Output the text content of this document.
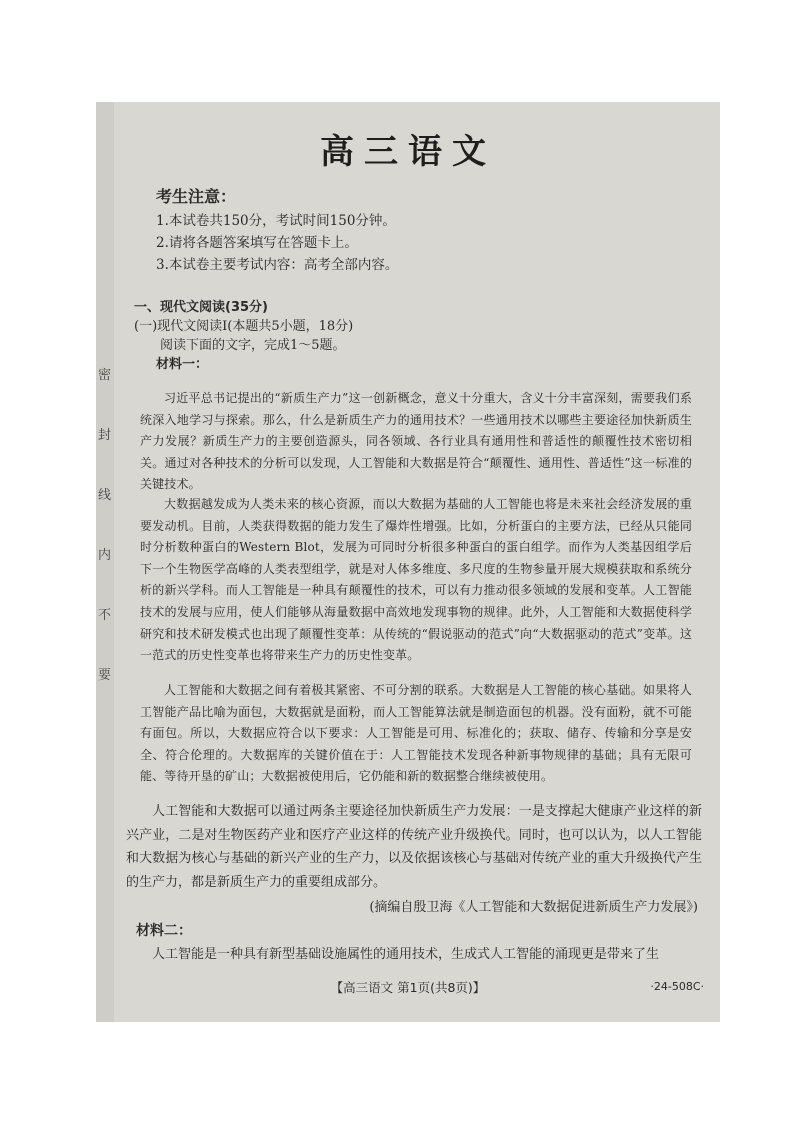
密
封
线
内
不
要
高三语文
考生注意：
1.本试卷共150分，考试时间150分钟。
2.请将各题答案填写在答题卡上。
3.本试卷主要考试内容：高考全部内容。
一、现代文阅读(35分)
(一)现代文阅读Ⅰ(本题共5小题，18分)
阅读下面的文字，完成1～5题。
材料一：

习近平总书记提出的“新质生产力”这一创新概念，意义十分重大，含义十分丰富深刻，需要我们系统深入地学习与探索。那么，什么是新质生产力的通用技术？一些通用技术以哪些主要途径加快新质生产力发展？新质生产力的主要创造源头，同各领域、各行业具有通用性和普适性的颠覆性技术密切相关。通过对各种技术的分析可以发现，人工智能和大数据是符合“颠覆性、通用性、普适性”这一标准的关键技术。

大数据越发成为人类未来的核心资源，而以大数据为基础的人工智能也将是未来社会经济发展的重要发动机。目前，人类获得数据的能力发生了爆炸性增强。比如，分析蛋白的主要方法，已经从只能同时分析数种蛋白的Western Blot，发展为可同时分析很多种蛋白的蛋白组学。而作为人类基因组学后下一个生物医学高峰的人类表型组学，就是对人体多维度、多尺度的生物参量开展大规模获取和系统分析的新兴学科。而人工智能是一种具有颠覆性的技术，可以有力推动很多领域的发展和变革。人工智能技术的发展与应用，使人们能够从海量数据中高效地发现事物的规律。此外，人工智能和大数据使科学研究和技术研发模式也出现了颠覆性变革：从传统的“假说驱动的范式”向“大数据驱动的范式”变革。这一范式的历史性变革也将带来生产力的历史性变革。

人工智能和大数据之间有着极其紧密、不可分割的联系。大数据是人工智能的核心基础。如果将人工智能产品比喻为面包，大数据就是面粉，而人工智能算法就是制造面包的机器。没有面粉，就不可能有面包。所以，大数据应符合以下要求：人工智能是可用、标准化的；获取、储存、传输和分享是安全、符合伦理的。大数据库的关键价值在于：人工智能技术发现各种新事物规律的基础；具有无限可能、等待开垦的矿山；大数据被使用后，它仍能和新的数据整合继续被使用。

人工智能和大数据可以通过两条主要途径加快新质生产力发展：一是支撑起大健康产业这样的新兴产业，二是对生物医药产业和医疗产业这样的传统产业升级换代。同时，也可以认为，以人工智能和大数据为核心与基础的新兴产业的生产力，以及依据该核心与基础对传统产业的重大升级换代产生的生产力，都是新质生产力的重要组成部分。

(摘编自殷卫海《人工智能和大数据促进新质生产力发展》)
材料二：

人工智能是一种具有新型基础设施属性的通用技术，生成式人工智能的涌现更是带来了生

【高三语文 第1页(共8页)】	·24-508C·
